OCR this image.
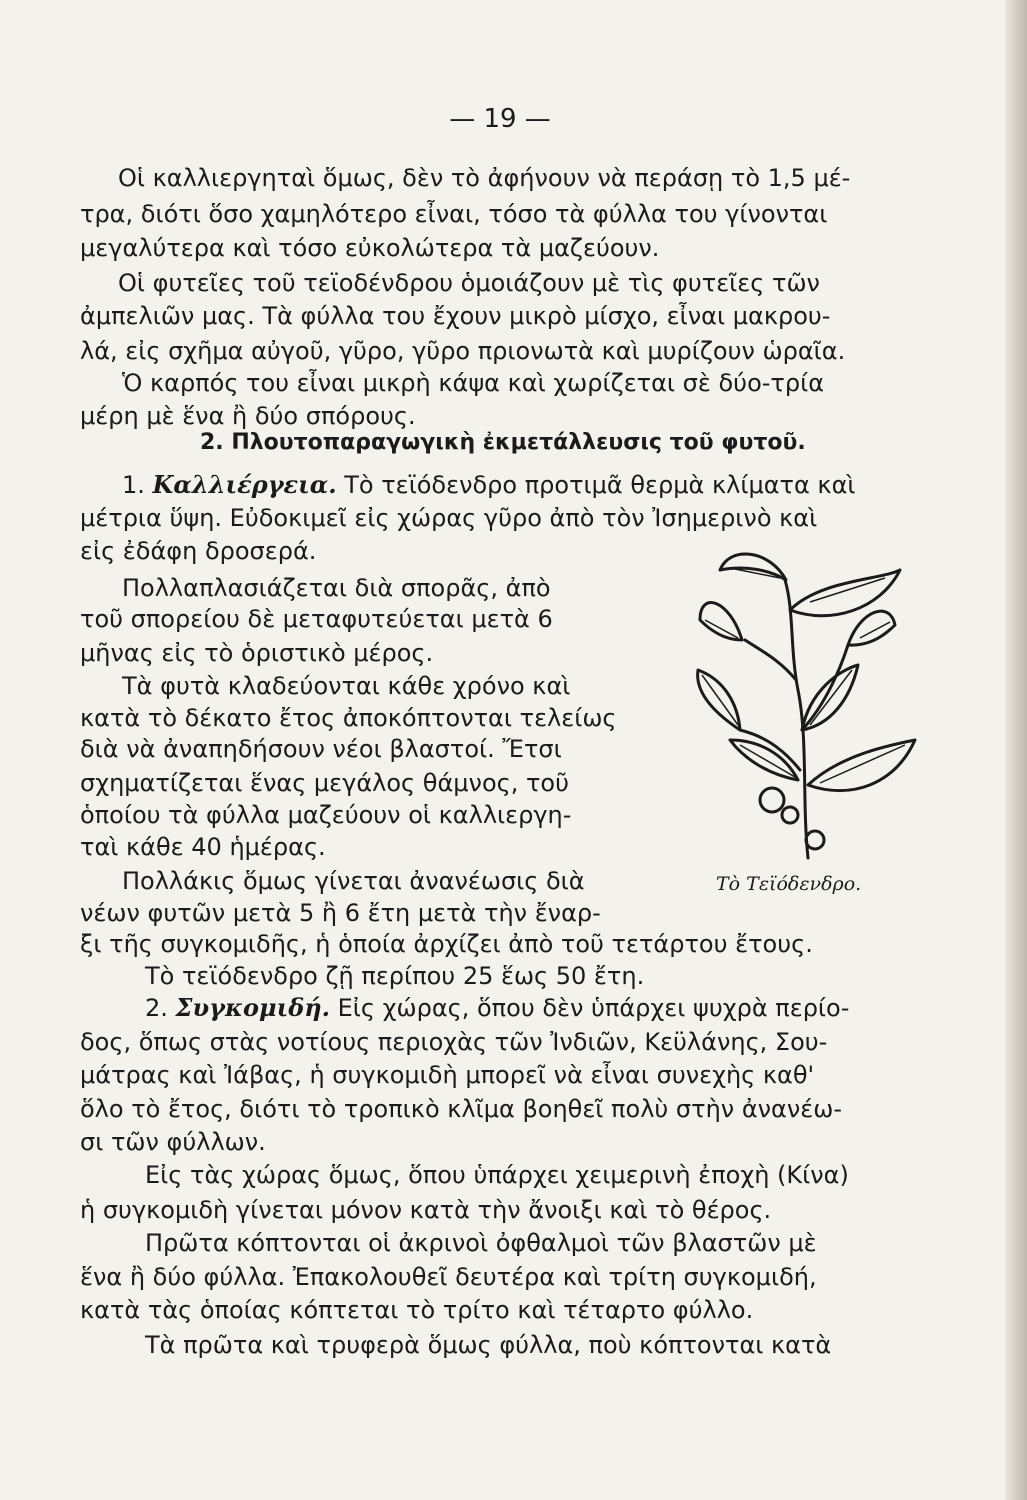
— 19 —
Οἱ καλλιεργηταὶ ὅμως, δὲν τὸ ἀφήνουν νὰ περάσῃ τὸ 1,5 μέ-
τρα, διότι ὅσο χαμηλότερο εἶναι, τόσο τὰ φύλλα του γίνονται
μεγαλύτερα καὶ τόσο εὐκολώτερα τὰ μαζεύουν.
Οἱ φυτεῖες τοῦ τεϊοδένδρου ὁμοιάζουν μὲ τὶς φυτεῖες τῶν
ἀμπελιῶν μας. Τὰ φύλλα του ἔχουν μικρὸ μίσχο, εἶναι μακρου-
λά, εἰς σχῆμα αὐγοῦ, γῦρο, γῦρο πριονωτὰ καὶ μυρίζουν ὡραῖα.
Ὁ καρπός του εἶναι μικρὴ κάψα καὶ χωρίζεται σὲ δύο-τρία
μέρη μὲ ἕνα ἢ δύο σπόρους.
2. Πλουτοπαραγωγικὴ ἐκμετάλλευσις τοῦ φυτοῦ.
1. Καλλιέργεια. Τὸ τεϊόδενδρο προτιμᾶ θερμὰ κλίματα καὶ
μέτρια ὕψη. Εὐδοκιμεῖ εἰς χώρας γῦρο ἀπὸ τὸν Ἰσημερινὸ καὶ
εἰς ἐδάφη δροσερά.
Πολλαπλασιάζεται διὰ σπορᾶς, ἀπὸ
τοῦ σπορείου δὲ μεταφυτεύεται μετὰ 6
μῆνας εἰς τὸ ὁριστικὸ μέρος.
Τὰ φυτὰ κλαδεύονται κάθε χρόνο καὶ
κατὰ τὸ δέκατο ἔτος ἀποκόπτονται τελείως
διὰ νὰ ἀναπηδήσουν νέοι βλαστοί. Ἔτσι
σχηματίζεται ἕνας μεγάλος θάμνος, τοῦ
ὁποίου τὰ φύλλα μαζεύουν οἱ καλλιεργη-
ταὶ κάθε 40 ἡμέρας.
Πολλάκις ὅμως γίνεται ἀνανέωσις διὰ
νέων φυτῶν μετὰ 5 ἢ 6 ἔτη μετὰ τὴν ἔναρ-
ξι τῆς συγκομιδῆς, ἡ ὁποία ἀρχίζει ἀπὸ τοῦ τετάρτου ἔτους.
Τὸ τεϊόδενδρο ζῇ περίπου 25 ἕως 50 ἔτη.
2. Συγκομιδή. Εἰς χώρας, ὅπου δὲν ὑπάρχει ψυχρὰ περίο-
δος, ὅπως στὰς νοτίους περιοχὰς τῶν Ἰνδιῶν, Κεϋλάνης, Σου-
μάτρας καὶ Ἰάβας, ἡ συγκομιδὴ μπορεῖ νὰ εἶναι συνεχὴς καθ'
ὅλο τὸ ἔτος, διότι τὸ τροπικὸ κλῖμα βοηθεῖ πολὺ στὴν ἀνανέω-
σι τῶν φύλλων.
Εἰς τὰς χώρας ὅμως, ὅπου ὑπάρχει χειμερινὴ ἐποχὴ (Κίνα)
ἡ συγκομιδὴ γίνεται μόνον κατὰ τὴν ἄνοιξι καὶ τὸ θέρος.
Πρῶτα κόπτονται οἱ ἀκρινοὶ ὀφθαλμοὶ τῶν βλαστῶν μὲ
ἕνα ἢ δύο φύλλα. Ἐπακολουθεῖ δευτέρα καὶ τρίτη συγκομιδή,
κατὰ τὰς ὁποίας κόπτεται τὸ τρίτο καὶ τέταρτο φύλλο.
Τὰ πρῶτα καὶ τρυφερὰ ὅμως φύλλα, ποὺ κόπτονται κατὰ
Τὸ Τεϊόδενδρο.
